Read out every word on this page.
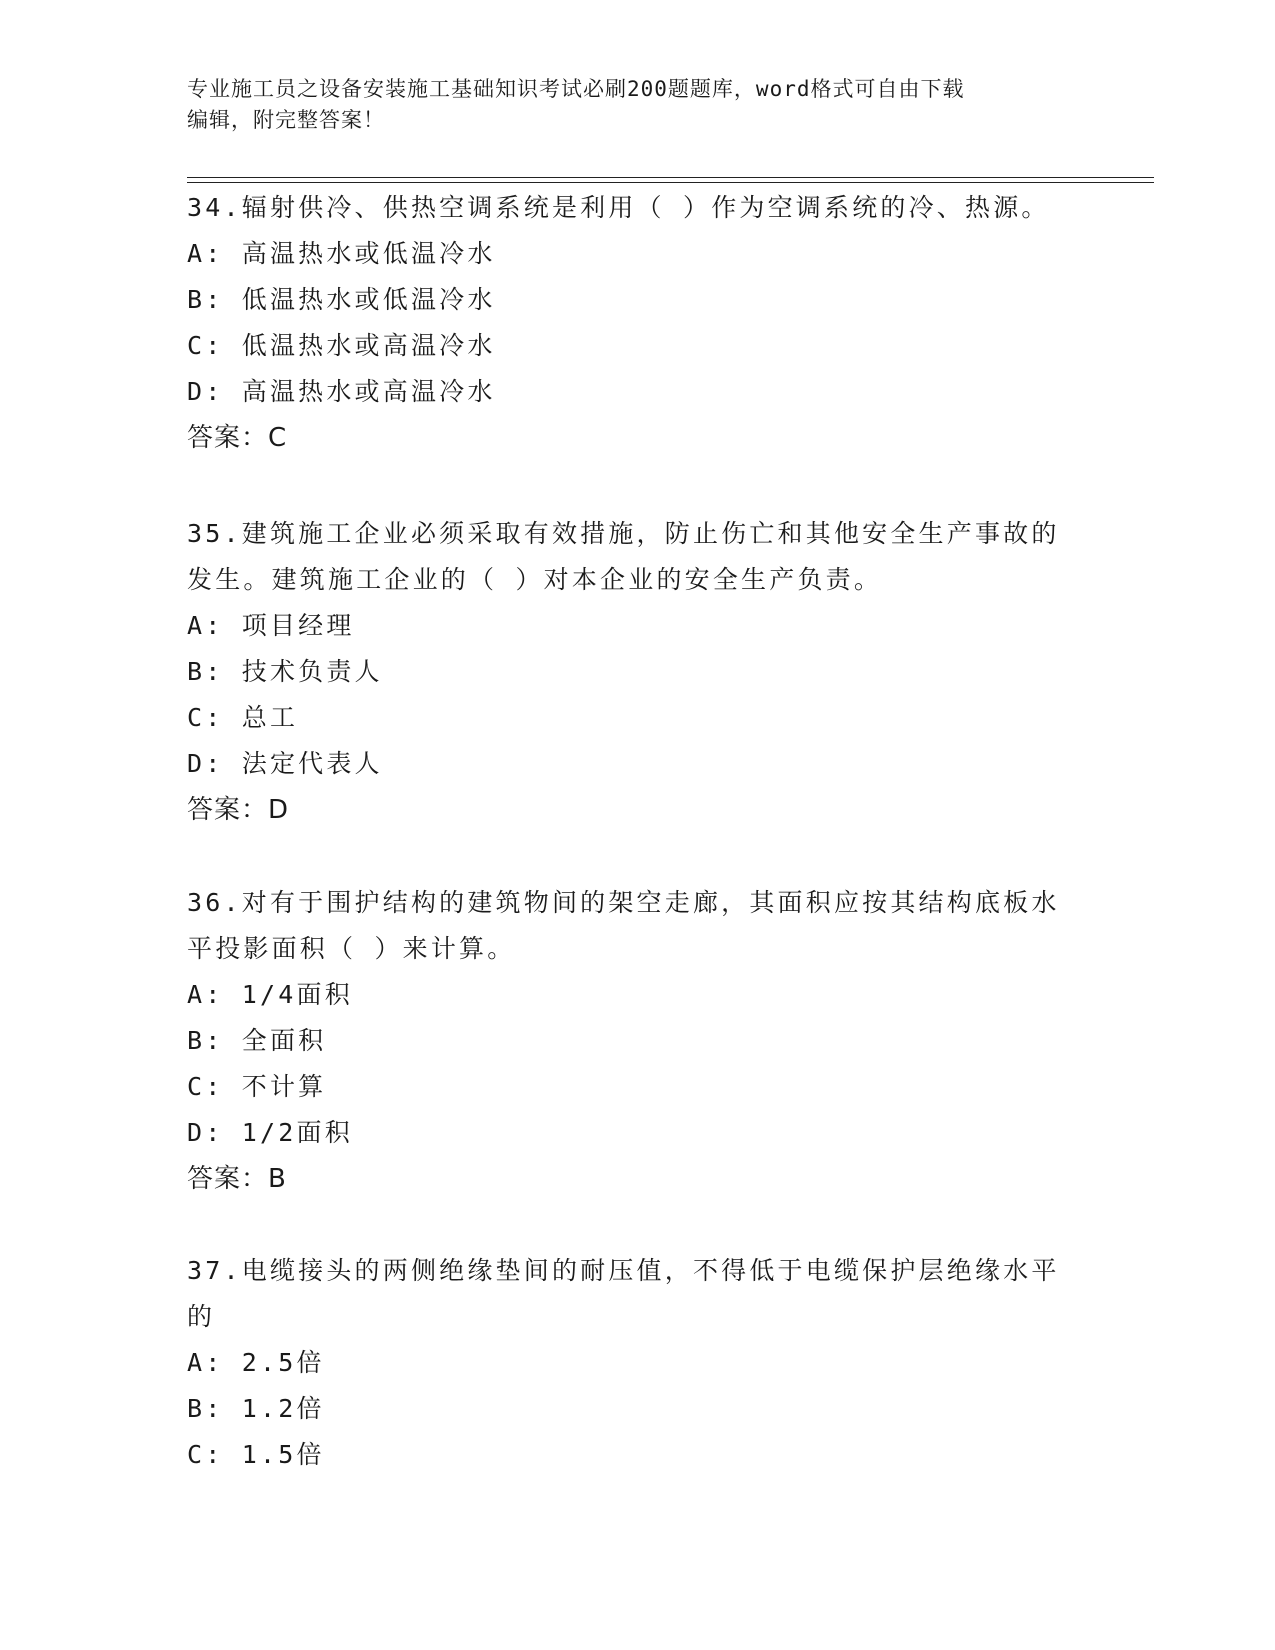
专业施工员之设备安装施工基础知识考试必刷200题题库，word格式可自由下载
编辑，附完整答案！
34.辐射供冷、供热空调系统是利用（ ）作为空调系统的冷、热源。
A: 高温热水或低温冷水
B: 低温热水或低温冷水
C: 低温热水或高温冷水
D: 高温热水或高温冷水
答案：C
35.建筑施工企业必须采取有效措施，防止伤亡和其他安全生产事故的
发生。建筑施工企业的（ ）对本企业的安全生产负责。
A: 项目经理
B: 技术负责人
C: 总工
D: 法定代表人
答案：D
36.对有于围护结构的建筑物间的架空走廊，其面积应按其结构底板水
平投影面积（ ）来计算。
A: 1/4面积
B: 全面积
C: 不计算
D: 1/2面积
答案：B
37.电缆接头的两侧绝缘垫间的耐压值，不得低于电缆保护层绝缘水平
的
A: 2.5倍
B: 1.2倍
C: 1.5倍
